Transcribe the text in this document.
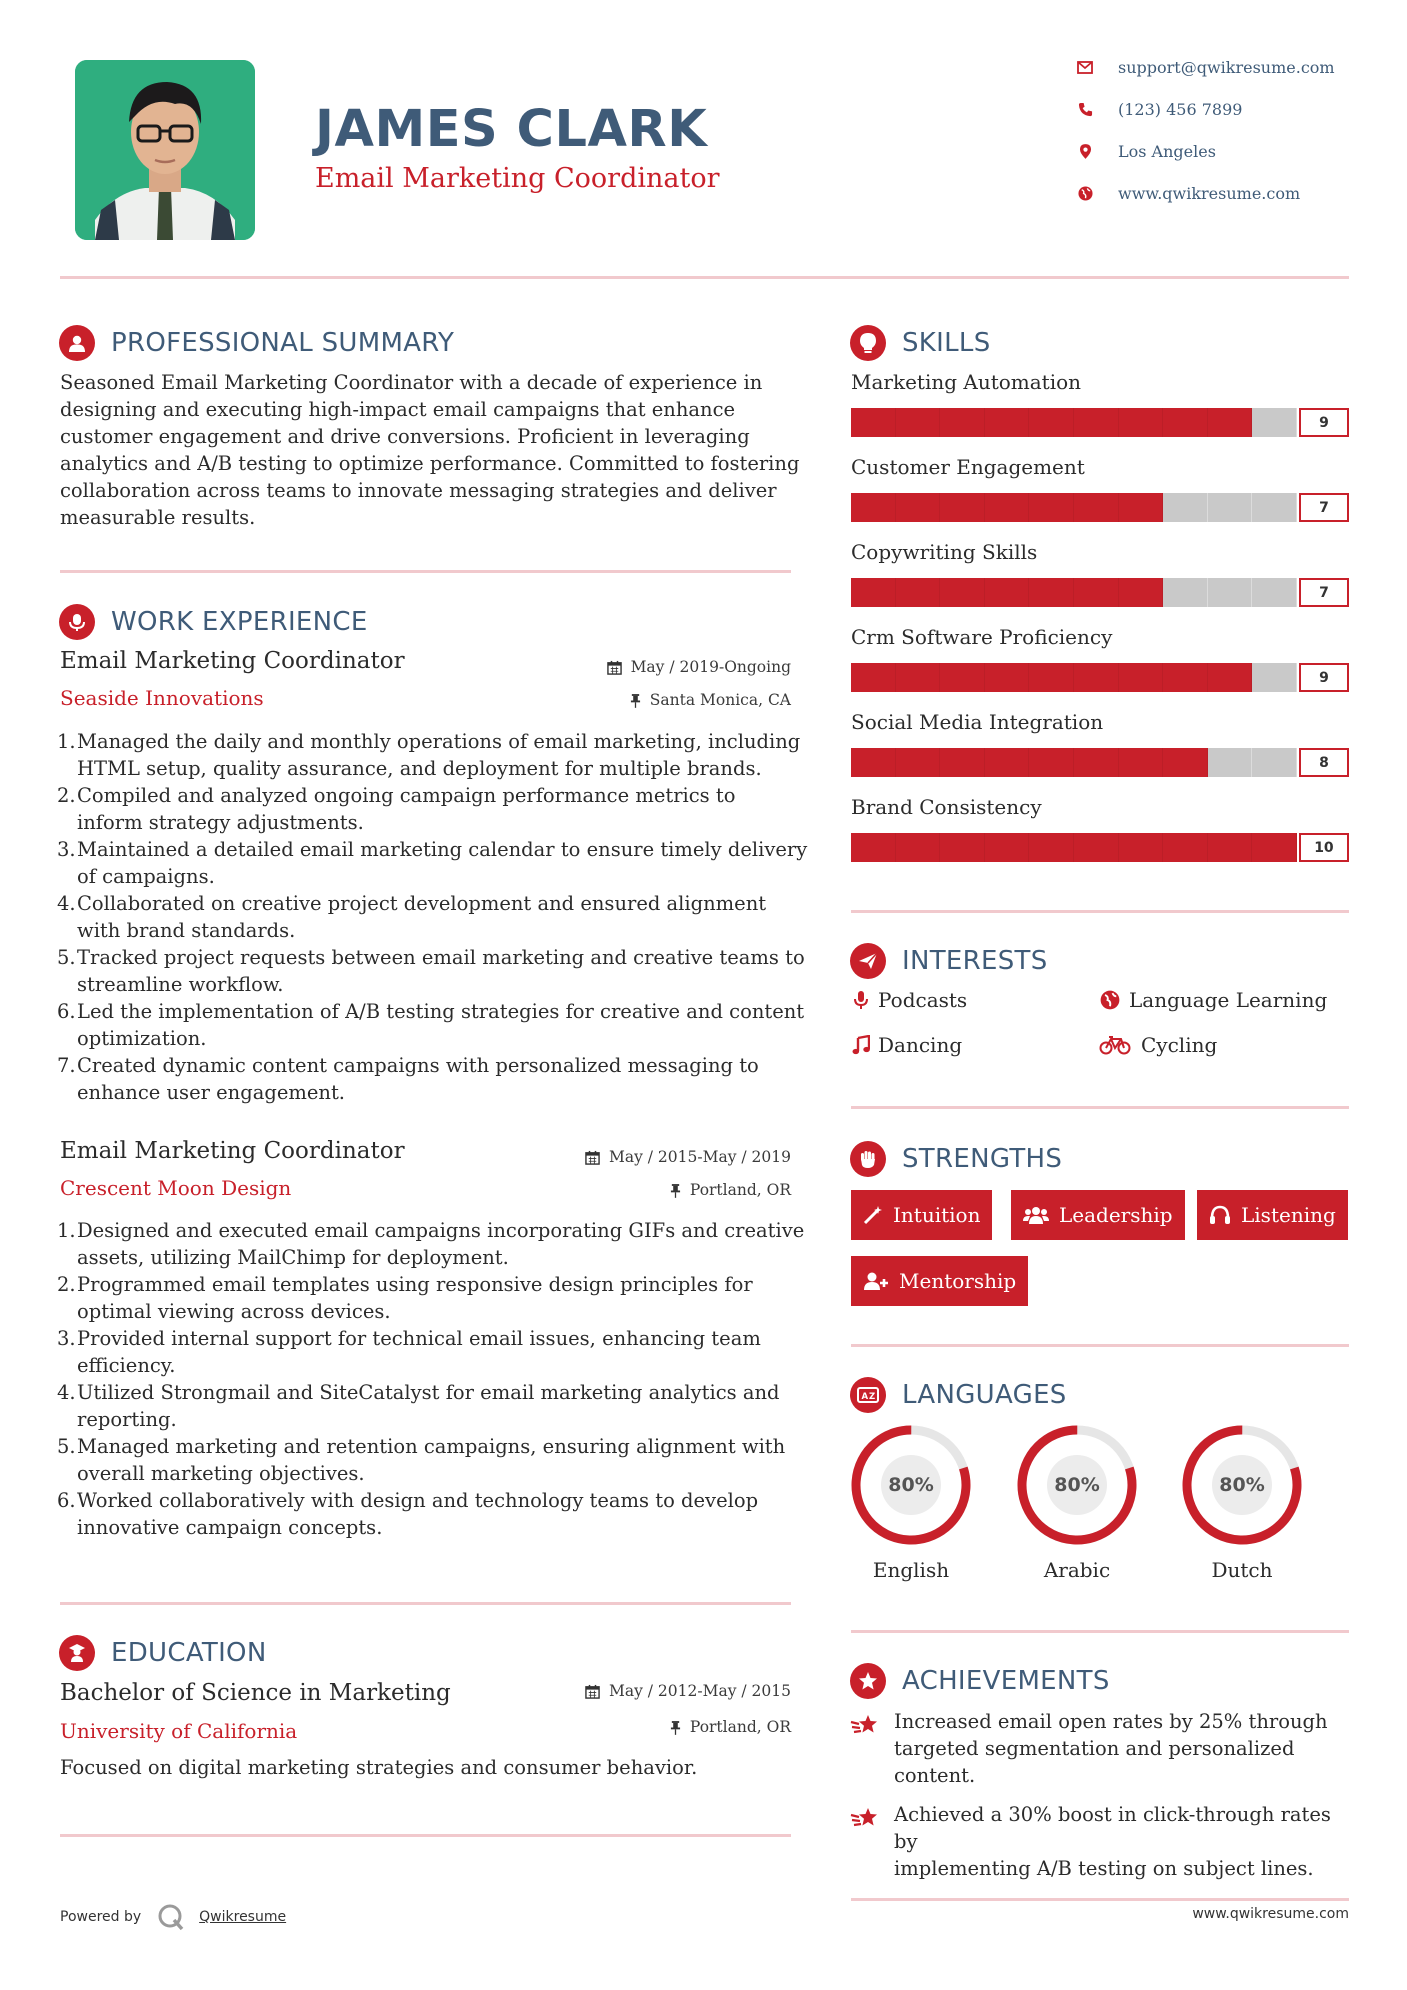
JAMES CLARK
Email Marketing Coordinator
support@qwikresume.com
(123) 456 7899
Los Angeles
www.qwikresume.com
PROFESSIONAL SUMMARY
Seasoned Email Marketing Coordinator with a decade of experience in
designing and executing high-impact email campaigns that enhance
customer engagement and drive conversions. Proficient in leveraging
analytics and A/B testing to optimize performance. Committed to fostering
collaboration across teams to innovate messaging strategies and deliver
measurable results.
WORK EXPERIENCE
Email Marketing Coordinator
Seaside Innovations
May / 2019-Ongoing
Santa Monica, CA
1. Managed the daily and monthly operations of email marketing, including
HTML setup, quality assurance, and deployment for multiple brands.
2. Compiled and analyzed ongoing campaign performance metrics to
inform strategy adjustments.
3. Maintained a detailed email marketing calendar to ensure timely delivery
of campaigns.
4. Collaborated on creative project development and ensured alignment
with brand standards.
5. Tracked project requests between email marketing and creative teams to
streamline workflow.
6. Led the implementation of A/B testing strategies for creative and content
optimization.
7. Created dynamic content campaigns with personalized messaging to
enhance user engagement.
Email Marketing Coordinator
Crescent Moon Design
May / 2015-May / 2019
Portland, OR
1. Designed and executed email campaigns incorporating GIFs and creative
assets, utilizing MailChimp for deployment.
2. Programmed email templates using responsive design principles for
optimal viewing across devices.
3. Provided internal support for technical email issues, enhancing team
efficiency.
4. Utilized Strongmail and SiteCatalyst for email marketing analytics and
reporting.
5. Managed marketing and retention campaigns, ensuring alignment with
overall marketing objectives.
6. Worked collaboratively with design and technology teams to develop
innovative campaign concepts.
EDUCATION
Bachelor of Science in Marketing
University of California
May / 2012-May / 2015
Portland, OR
Focused on digital marketing strategies and consumer behavior.
SKILLS
Marketing Automation
9
Customer Engagement
7
Copywriting Skills
7
Crm Software Proficiency
9
Social Media Integration
8
Brand Consistency
10
INTERESTS
Podcasts	Language Learning
Dancing	Cycling
STRENGTHS
Intuition	Leadership	Listening
Mentorship
A Z LANGUAGES
80%
English
80%
Arabic
80%
Dutch
ACHIEVEMENTS
Increased email open rates by 25% through
targeted segmentation and personalized
content.
Achieved a 30% boost in click-through rates by
implementing A/B testing on subject lines.
Powered by	Qwikresume	www.qwikresume.com
